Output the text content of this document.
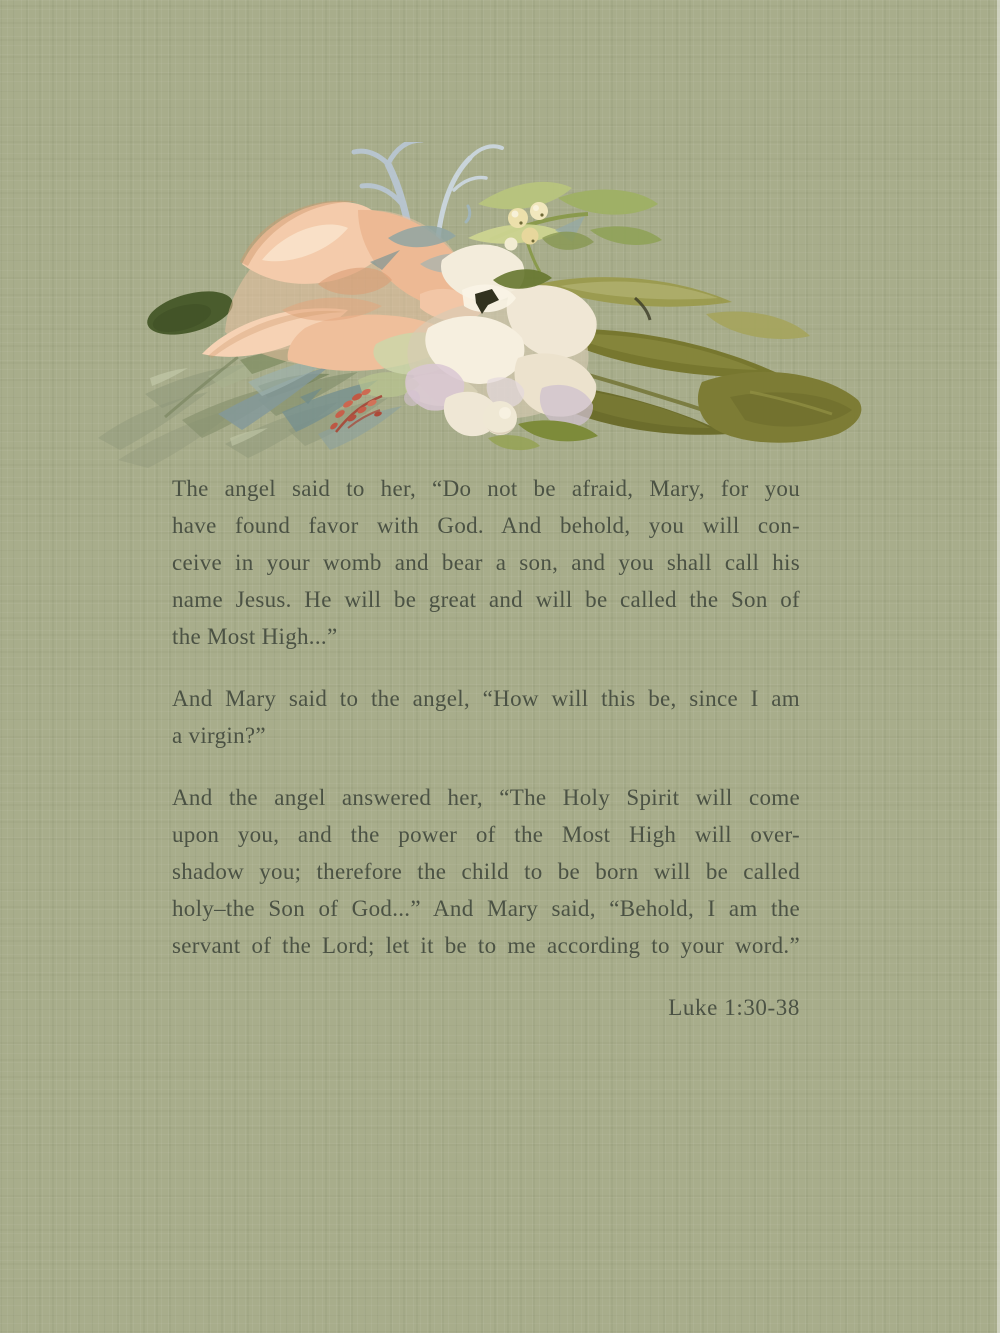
The angel said to her, “Do not be afraid, Mary, for you
have found favor with God. And behold, you will con-
ceive in your womb and bear a son, and you shall call his
name Jesus. He will be great and will be called the Son of
the Most High...”
And Mary said to the angel, “How will this be, since I am
a virgin?”
And the angel answered her, “The Holy Spirit will come
upon you, and the power of the Most High will over-
shadow you; therefore the child to be born will be called
holy–the Son of God...” And Mary said, “Behold, I am the
servant of the Lord; let it be to me according to your word.”
Luke 1:30-38
